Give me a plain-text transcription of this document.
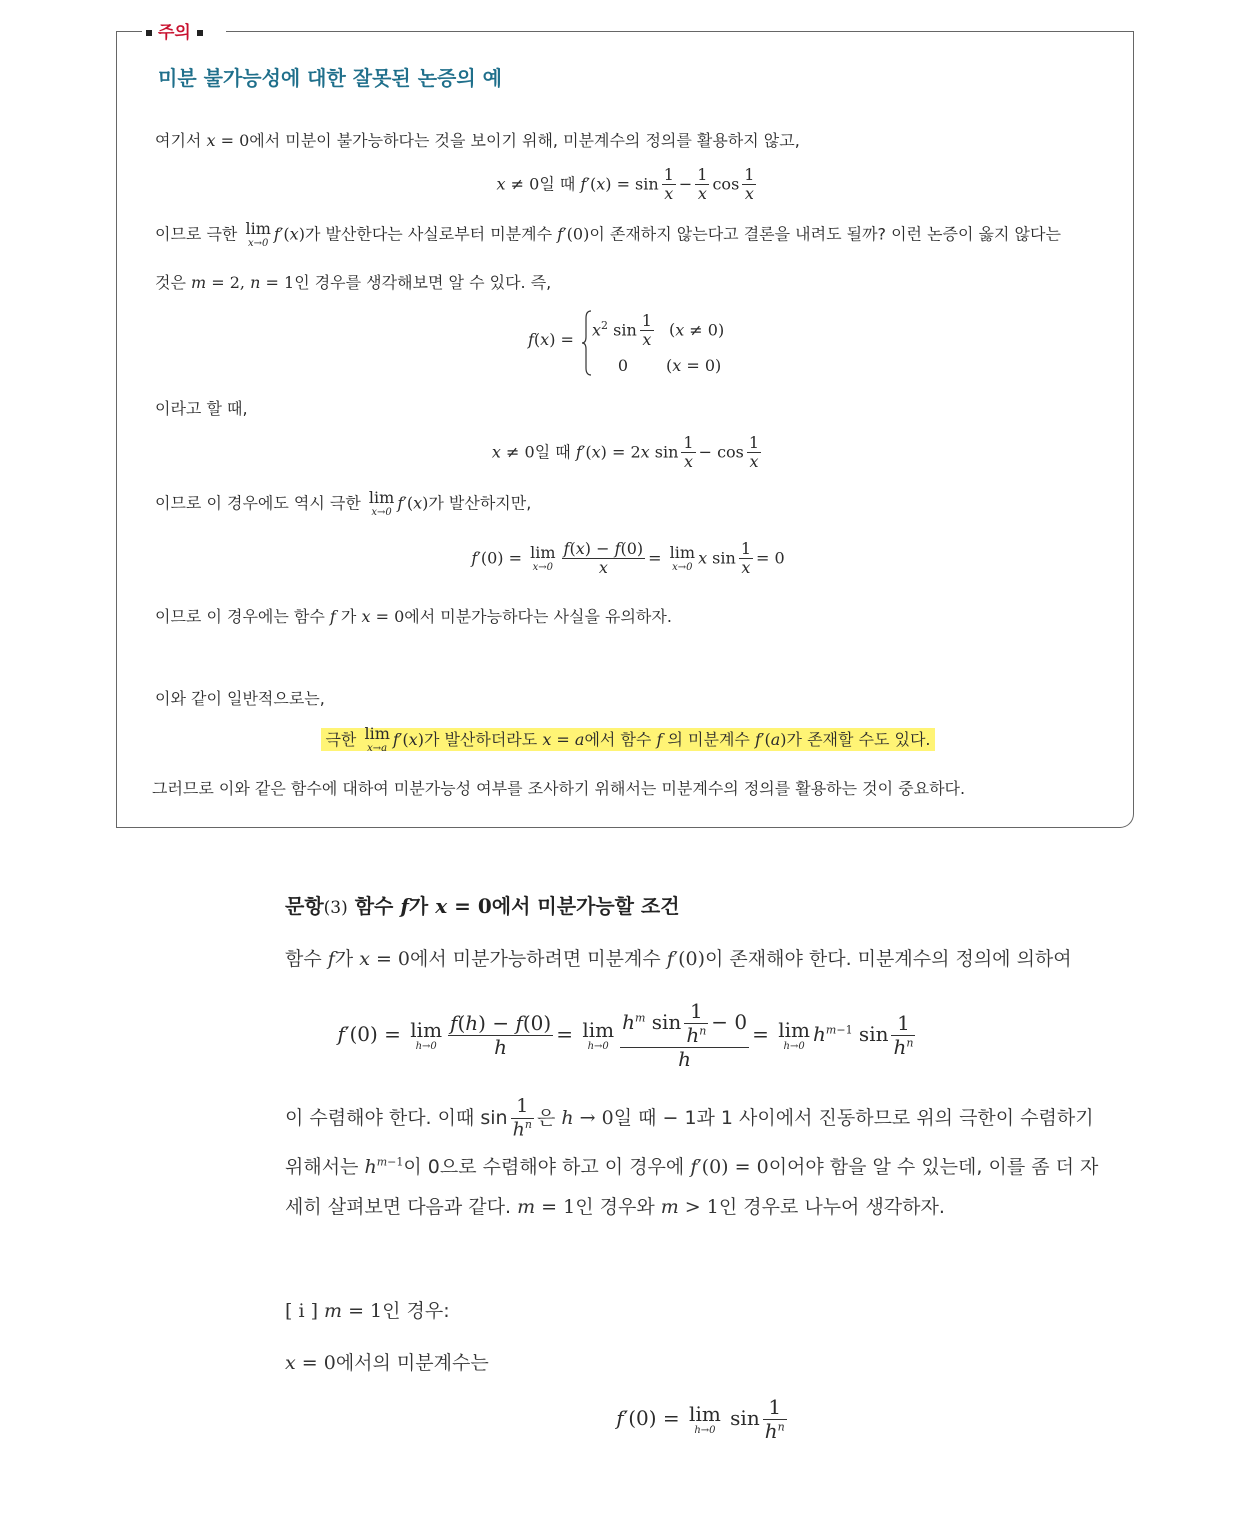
주의
미분 불가능성에 대한 잘못된 논증의 예
여기서 x = 0에서 미분이 불가능하다는 것을 보이기 위해, 미분계수의 정의를 활용하지 않고,
x ≠ 0일 때 $f'(x) = \sin \frac{1}{x} - \frac{1}{x}$ $\cos \frac{1}{x}$
이므로 극한 lim
x→0 f′(x)가 발산한다는 사실로부터 미분계수 f′(0)이 존재하지 않는다고 결론을 내려도 될까? 이런 논증이 옳지 않다는
것은 m = 2, n = 1인 경우를 생각해보면 알 수 있다. 즉,
f(x) =
$x^2$ $\sin \frac{1}{x} (x \ne 0)$
0 (x = 0)
이라고 할 때,
x ≠ 0일 때 f′(x) = 2x $\sin \frac{1}{x} - \cos \frac{1}{x}$
이므로 이 경우에도 역시 극한 lim
x→0 f′(x)가 발산하지만,
f′(0) = lim
$x\to 0 \frac{f(x) - f(0)}{x} = \lim$
x→0 x $\sin \frac{1}{x} = 0$
이므로 이 경우에는 함수 f 가 x = 0에서 미분가능하다는 사실을 유의하자.
이와 같이 일반적으로는,
극한 lim
x→a f′(x)가 발산하더라도 x = a에서 함수 f 의 미분계수 f′(a)가 존재할 수도 있다.
그러므로 이와 같은 함수에 대하여 미분가능성 여부를 조사하기 위해서는 미분계수의 정의를 활용하는 것이 중요하다.
문항(3) 함수 f가 x = 0에서 미분가능할 조건
함수 f가 x = 0에서 미분가능하려면 미분계수 f′(0)이 존재해야 한다. 미분계수의 정의에 의하여
f′(0) = lim
$h\to 0 \frac{f(h) - f(0)}{h} = \lim$
$h\to 0 \frac{h^m \sin \frac{1}{h^n} - 0}{h} = \lim$
h→0 $h^{m-1}$ $\sin \frac{1}{h^n}$
이 수렴해야 한다. 이때 $\sin \frac{1}{h^n}$ 은 h → 0일 때 − 1과 1 사이에서 진동하므로 위의 극한이 수렴하기
위해서는 $h^{m-1}$이 0으로 수렴해야 하고 이 경우에 f′(0) = 0이어야 함을 알 수 있는데, 이를 좀 더 자
세히 살펴보면 다음과 같다. m = 1인 경우와 m > 1인 경우로 나누어 생각하자.
[ i ] m = 1인 경우:
x = 0에서의 미분계수는
f′(0) = lim
h→0 $\sin \frac{1}{h^n}$
